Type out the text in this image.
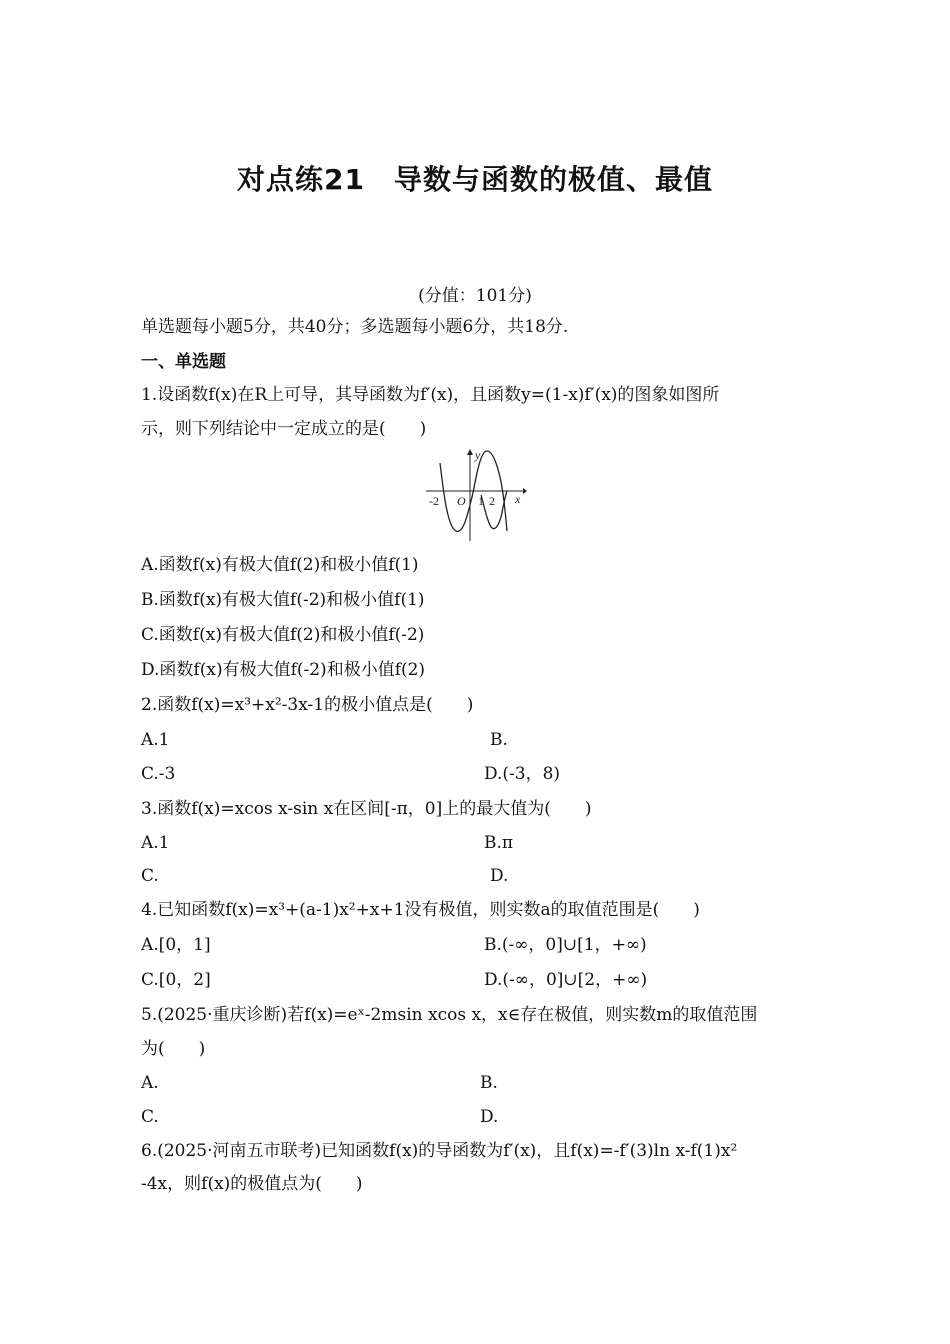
对点练21　导数与函数的极值、最值
(分值：101分)
单选题每小题5分，共40分；多选题每小题6分，共18分.
一、单选题
1.设函数f(x)在R上可导，其导函数为f′(x)，且函数y=(1-x)f′(x)的图象如图所
示，则下列结论中一定成立的是(　　)
-2 O 1 2 x
y
A.函数f(x)有极大值f(2)和极小值f(1)
B.函数f(x)有极大值f(-2)和极小值f(1)
C.函数f(x)有极大值f(2)和极小值f(-2)
D.函数f(x)有极大值f(-2)和极小值f(2)
2.函数f(x)=x³+x²-3x-1的极小值点是(　　)
A.1	B.
C.-3	D.(-3，8)
3.函数f(x)=xcos x-sin x在区间[-π，0]上的最大值为(　　)
A.1	B.π
C.	D.
4.已知函数f(x)=x³+(a-1)x²+x+1没有极值，则实数a的取值范围是(　　)
A.[0，1]	B.(-∞，0]∪[1，+∞)
C.[0，2]	D.(-∞，0]∪[2，+∞)
5.(2025·重庆诊断)若f(x)=eˣ-2msin xcos x，x∈存在极值，则实数m的取值范围
为(　　)
A.	B.
C.	D.
6.(2025·河南五市联考)已知函数f(x)的导函数为f′(x)，且f(x)=-f′(3)ln x-f(1)x²
-4x，则f(x)的极值点为(　　)
